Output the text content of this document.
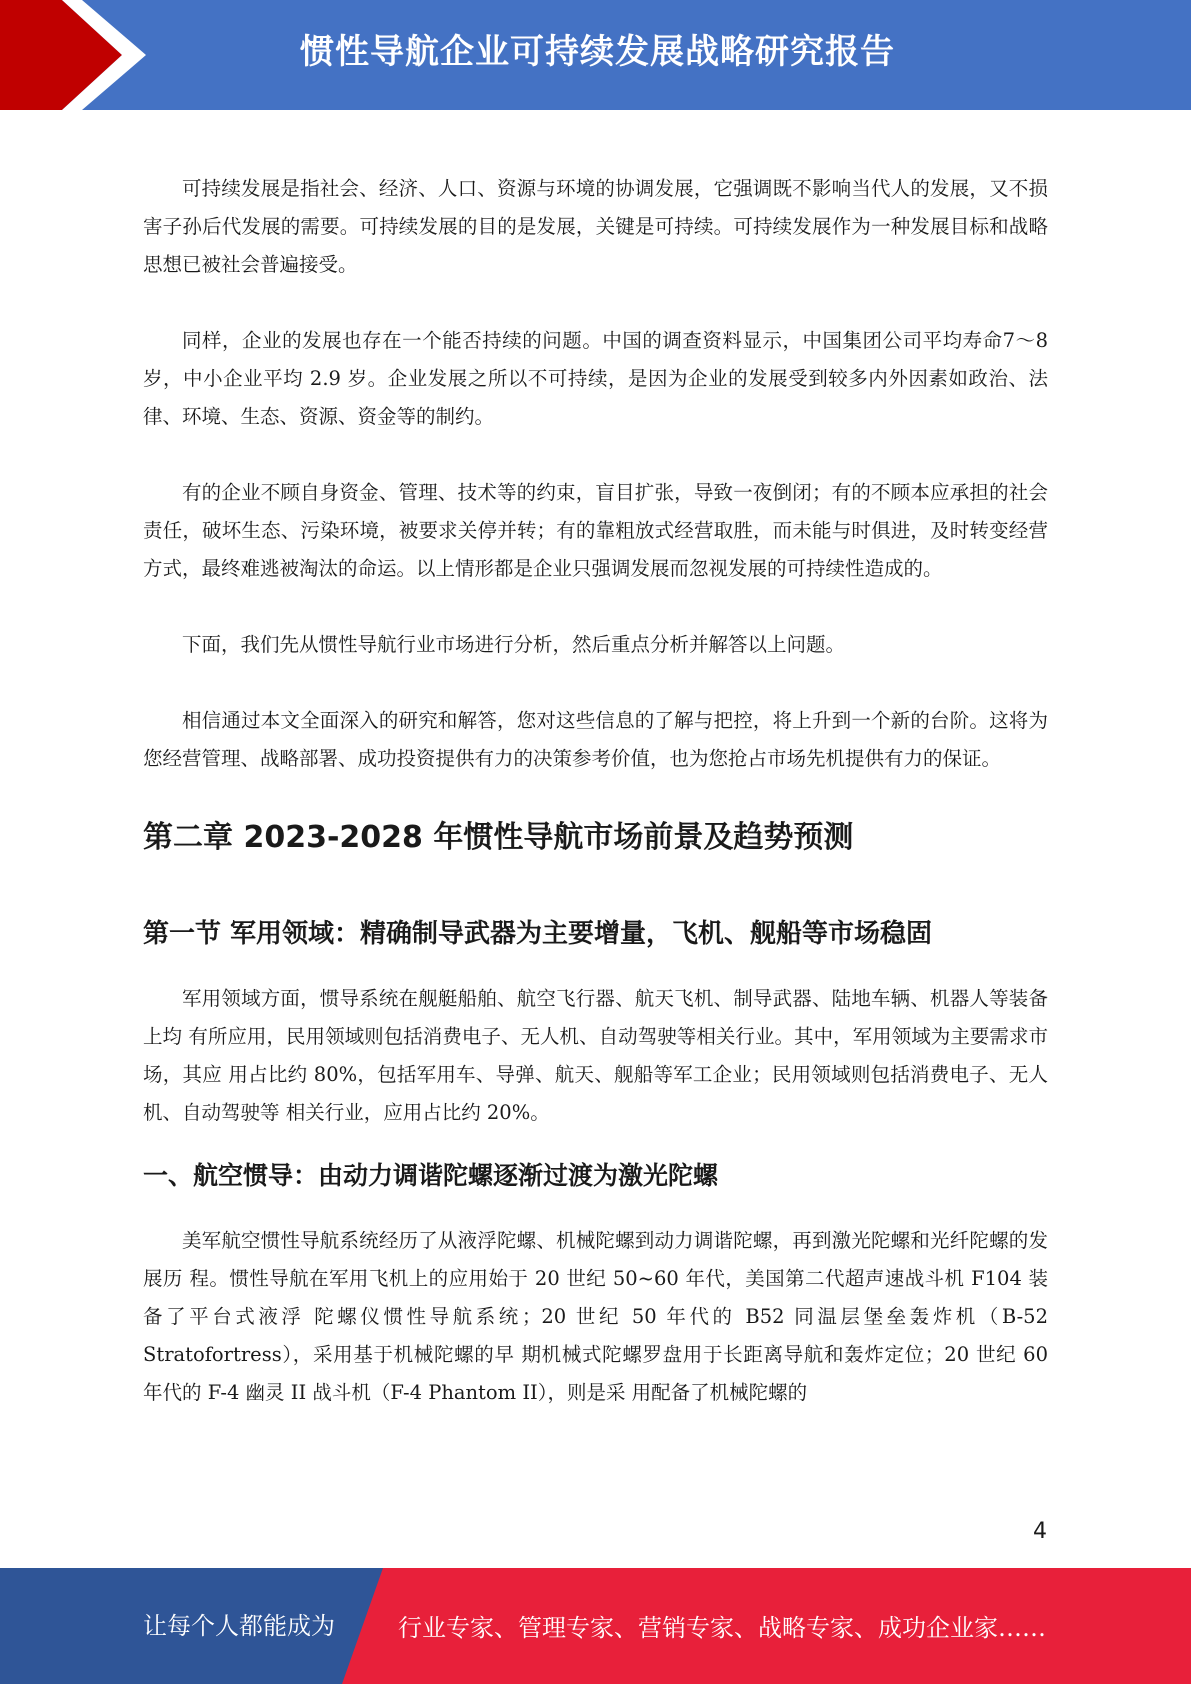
惯性导航企业可持续发展战略研究报告

可持续发展是指社会、经济、人口、资源与环境的协调发展，它强调既不影响当代人的发展，又不损害子孙后代发展的需要。可持续发展的目的是发展，关键是可持续。可持续发展作为一种发展目标和战略思想已被社会普遍接受。

同样，企业的发展也存在一个能否持续的问题。中国的调查资料显示，中国集团公司平均寿命7～8 岁，中小企业平均 2.9 岁。企业发展之所以不可持续，是因为企业的发展受到较多内外因素如政治、法律、环境、生态、资源、资金等的制约。

有的企业不顾自身资金、管理、技术等的约束，盲目扩张，导致一夜倒闭；有的不顾本应承担的社会责任，破坏生态、污染环境，被要求关停并转；有的靠粗放式经营取胜，而未能与时俱进，及时转变经营方式，最终难逃被淘汰的命运。以上情形都是企业只强调发展而忽视发展的可持续性造成的。

下面，我们先从惯性导航行业市场进行分析，然后重点分析并解答以上问题。

相信通过本文全面深入的研究和解答，您对这些信息的了解与把控，将上升到一个新的台阶。这将为您经营管理、战略部署、成功投资提供有力的决策参考价值，也为您抢占市场先机提供有力的保证。

第二章 2023-2028 年惯性导航市场前景及趋势预测
第一节 军用领域：精确制导武器为主要增量，飞机、舰船等市场稳固

军用领域方面，惯导系统在舰艇船舶、航空飞行器、航天飞机、制导武器、陆地车辆、机器人等装备上均 有所应用，民用领域则包括消费电子、无人机、自动驾驶等相关行业。其中，军用领域为主要需求市场，其应 用占比约 80%，包括军用车、导弹、航天、舰船等军工企业；民用领域则包括消费电子、无人机、自动驾驶等 相关行业，应用占比约 20%。

一、航空惯导：由动力调谐陀螺逐渐过渡为激光陀螺

美军航空惯性导航系统经历了从液浮陀螺、机械陀螺到动力调谐陀螺，再到激光陀螺和光纤陀螺的发展历 程。惯性导航在军用飞机上的应用始于 20 世纪 50~60 年代，美国第二代超声速战斗机 F104 装备了平台式液浮 陀螺仪惯性导航系统；20 世纪 50 年代的 B52 同温层堡垒轰炸机（B-52 Stratofortress），采用基于机械陀螺的早 期机械式陀螺罗盘用于长距离导航和轰炸定位；20 世纪 60 年代的 F-4 幽灵 II 战斗机（F-4 Phantom II），则是采 用配备了机械陀螺的

4
让每个人都能成为	行业专家、管理专家、营销专家、战略专家、成功企业家……
